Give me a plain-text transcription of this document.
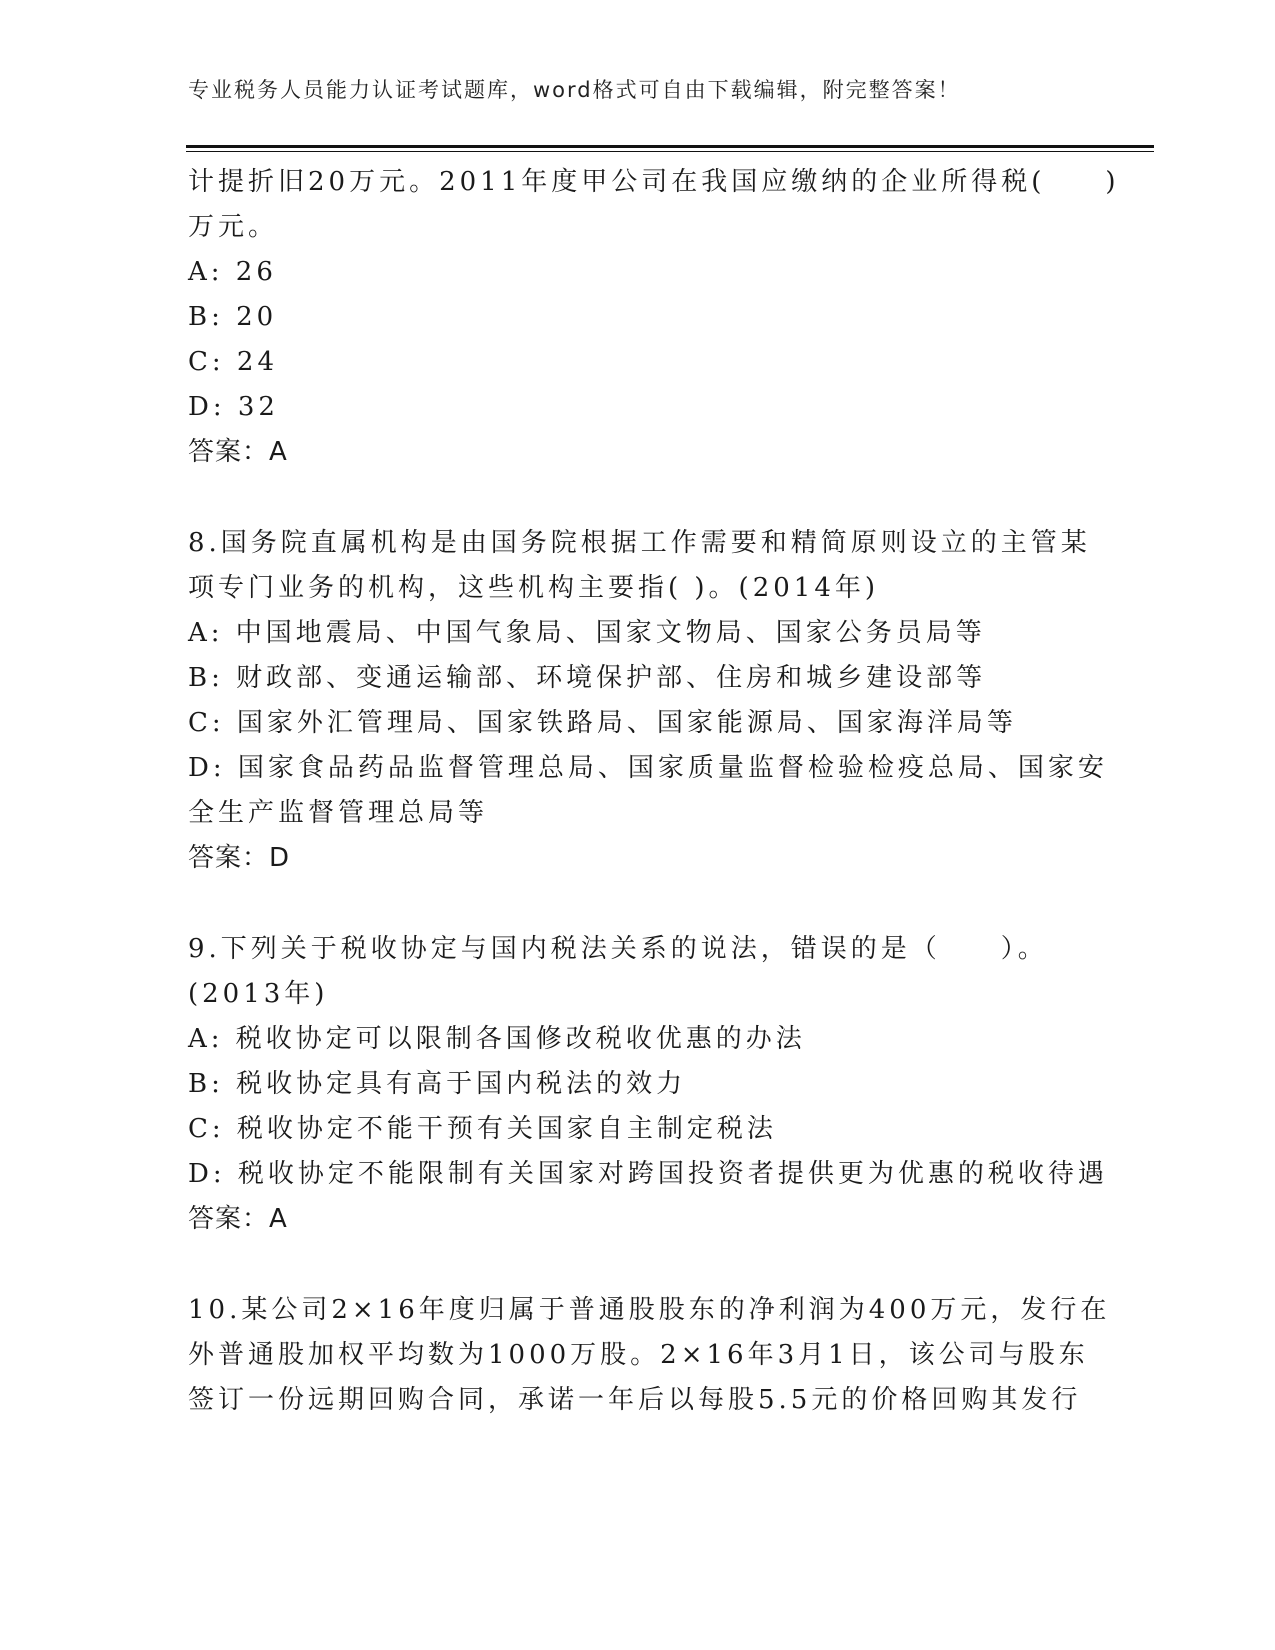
专业税务人员能力认证考试题库，word格式可自由下载编辑，附完整答案！
计提折旧20万元。2011年度甲公司在我国应缴纳的企业所得税(　　)
万元。
A: 26
B: 20
C: 24
D: 32
答案：A
8.国务院直属机构是由国务院根据工作需要和精简原则设立的主管某
项专门业务的机构，这些机构主要指( )。(2014年)
A: 中国地震局、中国气象局、国家文物局、国家公务员局等
B: 财政部、变通运输部、环境保护部、住房和城乡建设部等
C: 国家外汇管理局、国家铁路局、国家能源局、国家海洋局等
D: 国家食品药品监督管理总局、国家质量监督检验检疫总局、国家安
全生产监督管理总局等
答案：D
9.下列关于税收协定与国内税法关系的说法，错误的是（　　）。
(2013年)
A: 税收协定可以限制各国修改税收优惠的办法
B: 税收协定具有高于国内税法的效力
C: 税收协定不能干预有关国家自主制定税法
D: 税收协定不能限制有关国家对跨国投资者提供更为优惠的税收待遇
答案：A
10.某公司2×16年度归属于普通股股东的净利润为400万元，发行在
外普通股加权平均数为1000万股。2×16年3月1日，该公司与股东
签订一份远期回购合同，承诺一年后以每股5.5元的价格回购其发行
